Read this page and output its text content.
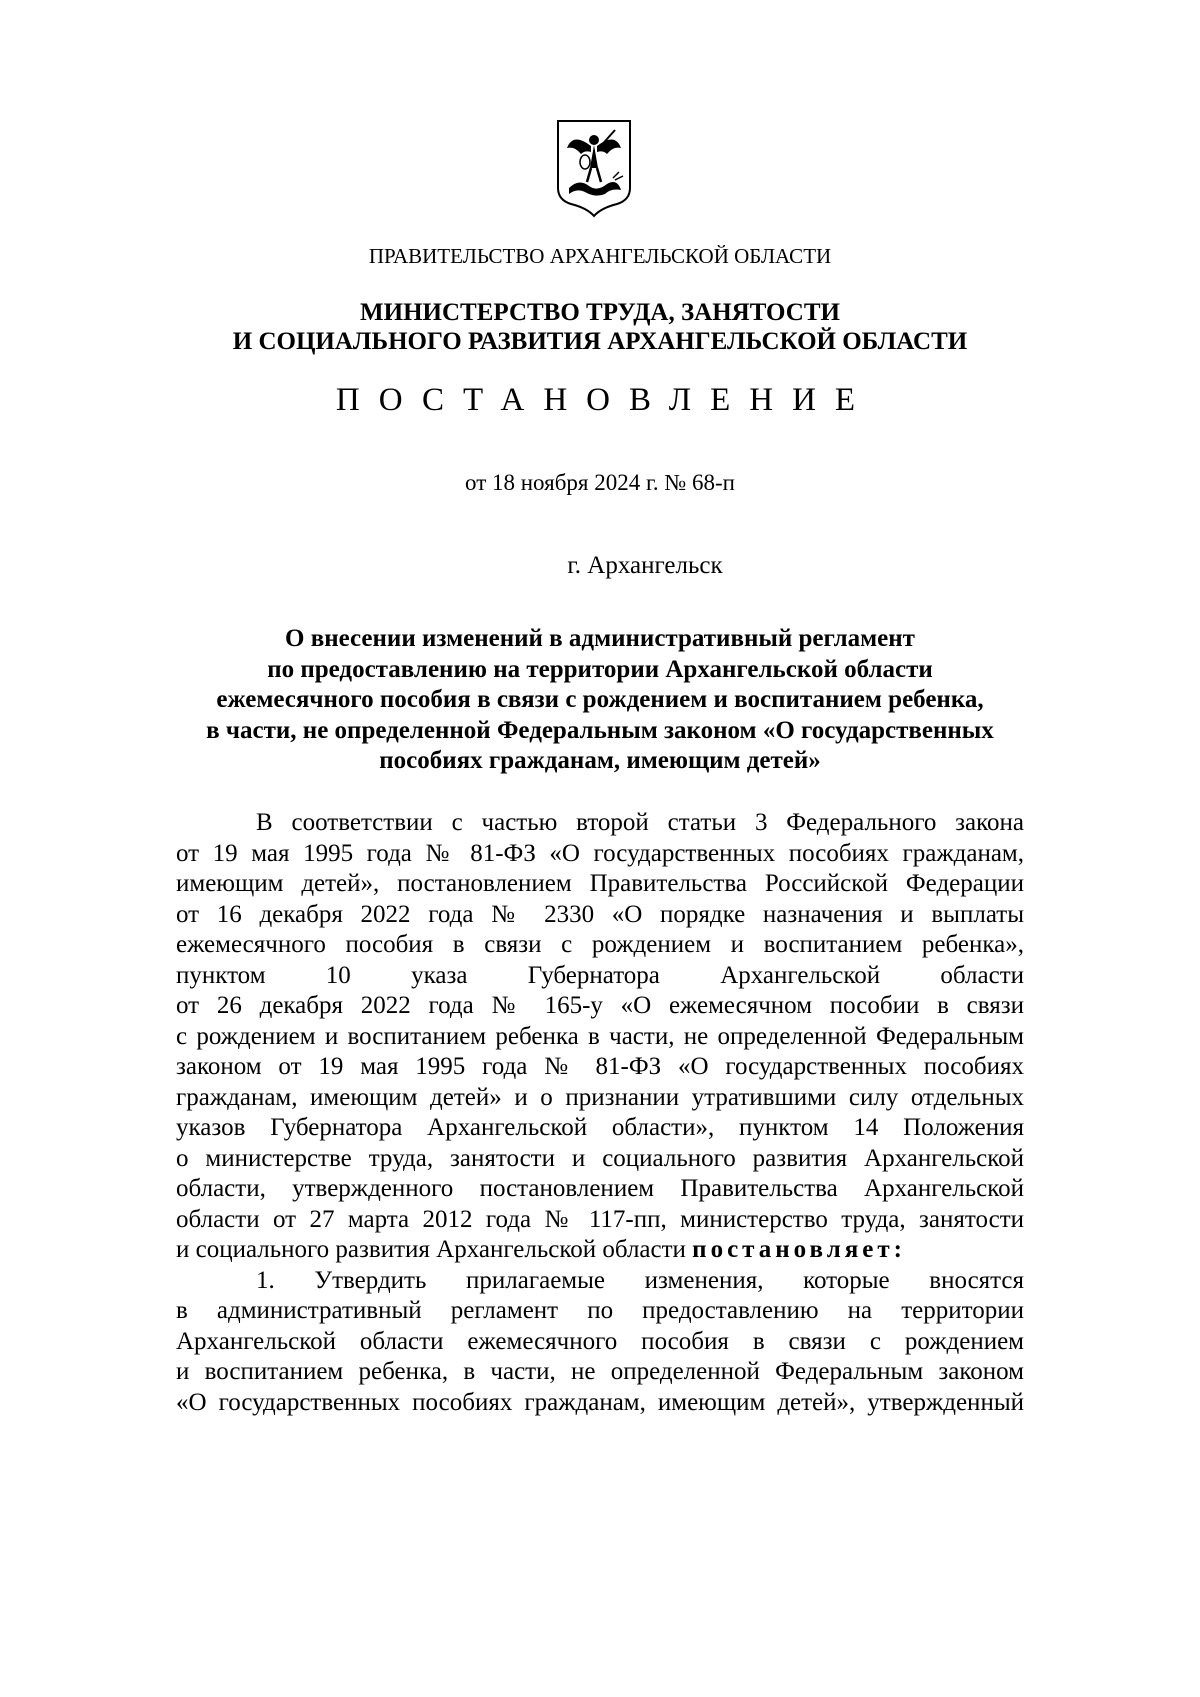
ПРАВИТЕЛЬСТВО АРХАНГЕЛЬСКОЙ ОБЛАСТИ
МИНИСТЕРСТВО ТРУДА, ЗАНЯТОСТИ
И СОЦИАЛЬНОГО РАЗВИТИЯ АРХАНГЕЛЬСКОЙ ОБЛАСТИ
ПОСТАНОВЛЕНИЕ
от 18 ноября 2024 г. № 68-п
г. Архангельск
О внесении изменений в административный регламент
по предоставлению на территории Архангельской области
ежемесячного пособия в связи с рождением и воспитанием ребенка,
в части, не определенной Федеральным законом «О государственных
пособиях гражданам, имеющим детей»
В соответствии с частью второй статьи 3 Федерального закона
от 19 мая 1995 года № 81-ФЗ «О государственных пособиях гражданам,
имеющим детей», постановлением Правительства Российской Федерации
от 16 декабря 2022 года № 2330 «О порядке назначения и выплаты
ежемесячного пособия в связи с рождением и воспитанием ребенка»,
пунктом 10 указа Губернатора Архангельской области
от 26 декабря 2022 года № 165-у «О ежемесячном пособии в связи
с рождением и воспитанием ребенка в части, не определенной Федеральным
законом от 19 мая 1995 года № 81-ФЗ «О государственных пособиях
гражданам, имеющим детей» и о признании утратившими силу отдельных
указов Губернатора Архангельской области», пунктом 14 Положения
о министерстве труда, занятости и социального развития Архангельской
области, утвержденного постановлением Правительства Архангельской
области от 27 марта 2012 года № 117-пп, министерство труда, занятости
и социального развития Архангельской области постановляет:
1. Утвердить прилагаемые изменения, которые вносятся
в административный регламент по предоставлению на территории
Архангельской области ежемесячного пособия в связи с рождением
и воспитанием ребенка, в части, не определенной Федеральным законом
«О государственных пособиях гражданам, имеющим детей», утвержденный
